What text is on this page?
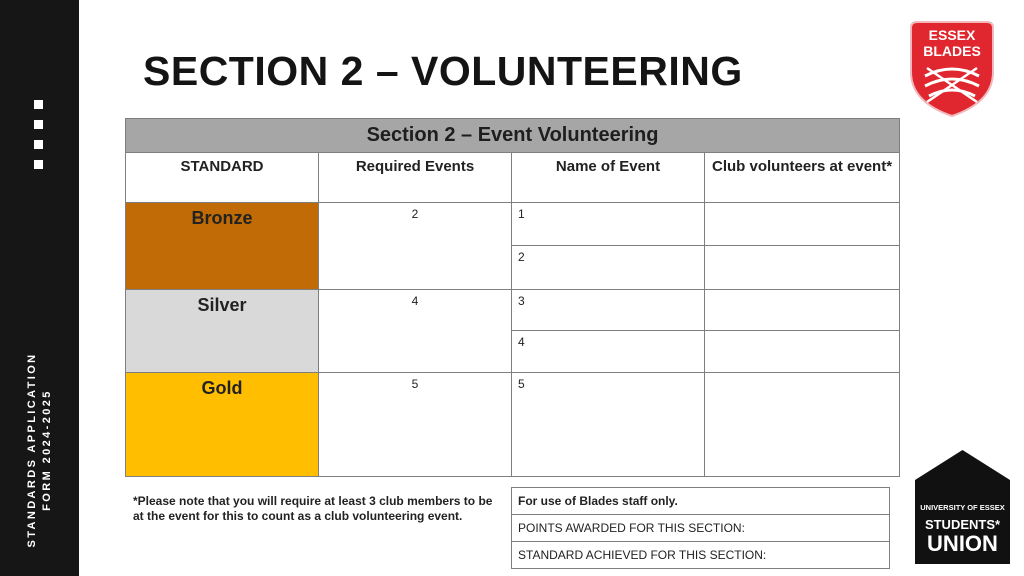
STANDARDS APPLICATION FORM 2024-2025
SECTION 2 – VOLUNTEERING
ESSEX
BLADES
Section 2 – Event Volunteering			
STANDARD	Required Events	Name of Event	Club volunteers at event*
Bronze	2	1	
		2	
Silver	4	3	
		4	
Gold	5	5	
*Please note that you will require at least 3 club members to be at the event for this to count as a club volunteering event.
For use of Blades staff only.
POINTS AWARDED FOR THIS SECTION:
STANDARD ACHIEVED FOR THIS SECTION:
UNIVERSITY OF ESSEX
STUDENTS*
UNION
